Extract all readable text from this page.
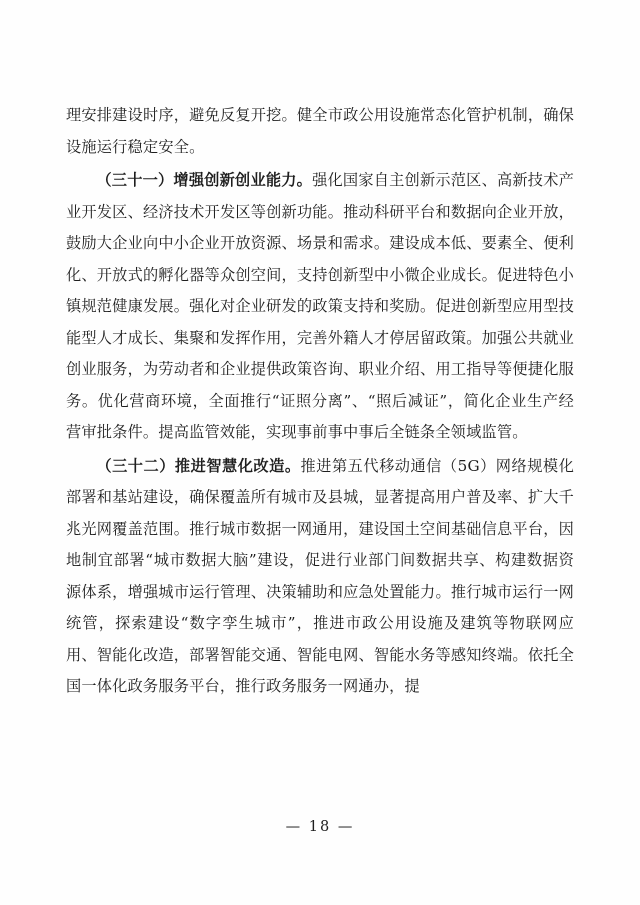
理安排建设时序，避免反复开挖。健全市政公用设施常态化管护机制，确保设施运行稳定安全。

（三十一）增强创新创业能力。强化国家自主创新示范区、高新技术产业开发区、经济技术开发区等创新功能。推动科研平台和数据向企业开放，鼓励大企业向中小企业开放资源、场景和需求。建设成本低、要素全、便利化、开放式的孵化器等众创空间，支持创新型中小微企业成长。促进特色小镇规范健康发展。强化对企业研发的政策支持和奖励。促进创新型应用型技能型人才成长、集聚和发挥作用，完善外籍人才停居留政策。加强公共就业创业服务，为劳动者和企业提供政策咨询、职业介绍、用工指导等便捷化服务。优化营商环境，全面推行“证照分离”、“照后减证”，简化企业生产经营审批条件。提高监管效能，实现事前事中事后全链条全领域监管。

（三十二）推进智慧化改造。推进第五代移动通信（5G）网络规模化部署和基站建设，确保覆盖所有城市及县城，显著提高用户普及率、扩大千兆光网覆盖范围。推行城市数据一网通用，建设国土空间基础信息平台，因地制宜部署“城市数据大脑”建设，促进行业部门间数据共享、构建数据资源体系，增强城市运行管理、决策辅助和应急处置能力。推行城市运行一网统管，探索建设“数字孪生城市”，推进市政公用设施及建筑等物联网应用、智能化改造，部署智能交通、智能电网、智能水务等感知终端。依托全国一体化政务服务平台，推行政务服务一网通办，提

— 18 —
